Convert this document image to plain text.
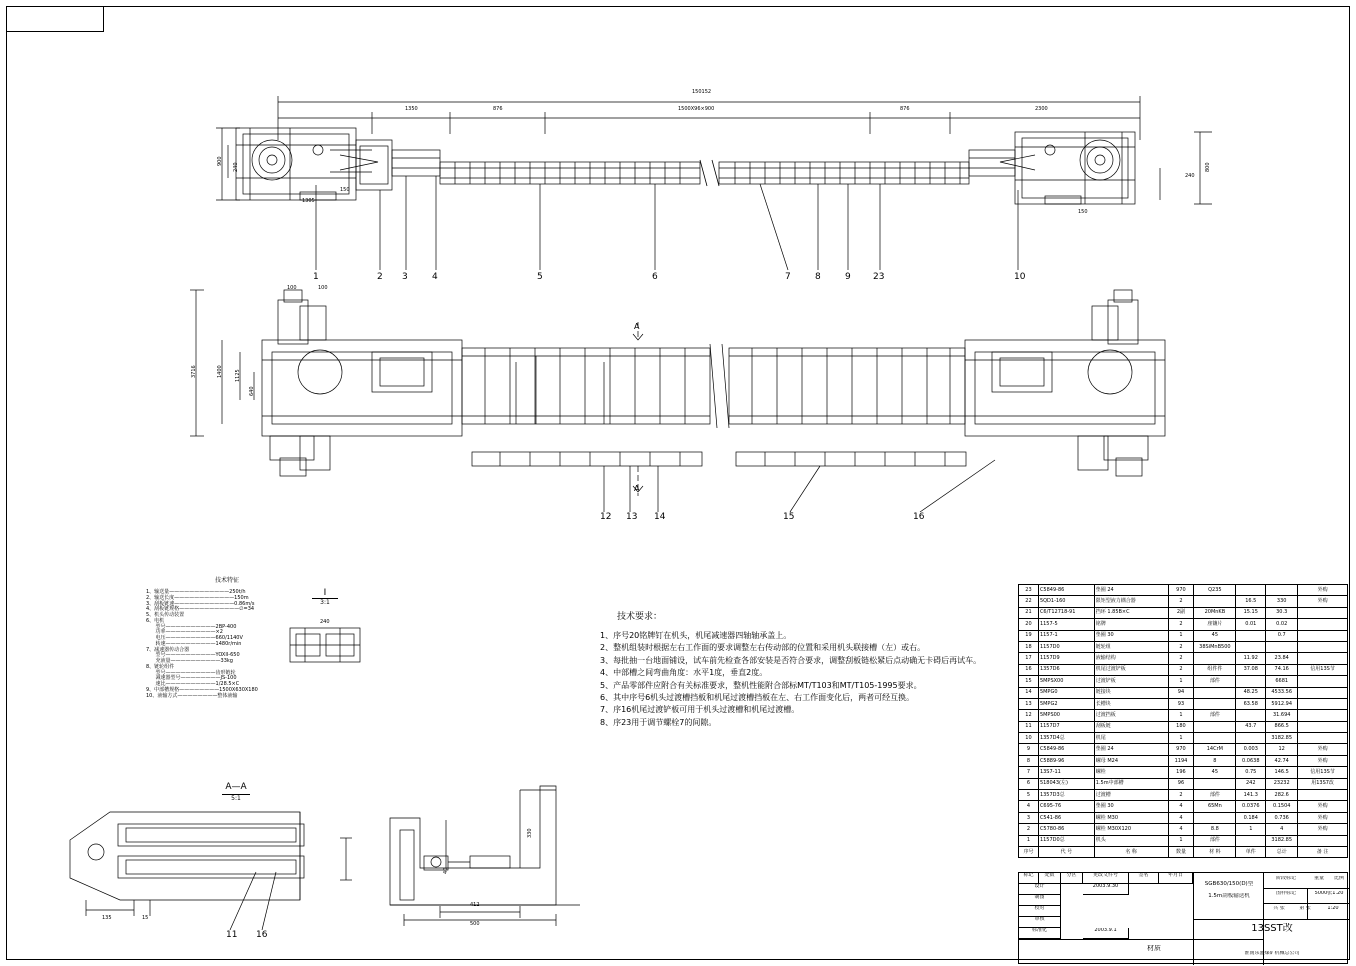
150152
1350	876	1500X96×900	876	2300
900
240
150
1305
800
240
150
1	2 3	4	5	6	7	8	9 23	10
3716	1400 1125
640
100	100
A
A
12 13 14	15	16
I
3:1
240
A—A
5:1
11 16
135	15
412
500
330
40
技术特征
1、输送量————————————250t/h
2、输送长度————————————150m
3、刮板链速————————————0.86m/s
4、刮板链规格————————————∅=34
5、机头传动装置
6、电机
型号——————————2BP-400
功率——————————×2
电压——————————660/1140V
转速——————————1480r/min
7、减速器传动合器
型号——————————YOXII-650
充液量——————————33kg
8、链轮组件
型号——————————齿形链轮
减速器型号————————JS-100
速比——————————1/28.5×C
9、中部槽规格————————1500X630X180
10、液输方式————————整体液输
技术要求：
1、序号20铭牌钉在机头，机尾减速器四轴轴承盖上。
2、整机组装时根据左右工作面的要求调整左右传动部的位置和采用机头联接槽（左）或右。
3、每批抽一台地面铺设，试车前先检查各部安装是否符合要求，调整刮板链松紧后点动确无卡碍后再试车。
4、中部槽之间弯曲角度：水平1度，垂直2度。
5、产品零部件应附合有关标准要求，整机性能附合部标MT/T103和MT/T105-1995要求。
6、其中序号6机头过渡槽挡板和机尾过渡槽挡板在左、右工作面变化后，两者可经互换。
7、序16机尾过渡铲板可用于机头过渡槽和机尾过渡槽。
8、序23用于调节螺栓7的间隙。
23	C5849-86	垫圈 24	970	Q235			外购
22	5QD1-160	限矩型液力耦合器	2		16.5	330	外购
21	C6/T12718-91	挡环 1.85B×C	2副	20MnKB	15.15	30.3	
20	1157-5	铭牌	2	座镶片	0.01	0.02	
19	1157-1	垫圈 30	1	45		0.7	
18	1157D0	链轮组	2	38SiMnB500			
17	1157D9	液输结构	2		11.92	23.84	
16	1357D6	机尾过渡铲板	2	组件件	37.08	74.16	信用13S节
15	5MPSX00	过渡铲板	1	部件		6681	
14	5MPG0	链接块	94		48.25	4533.56	
13	5MPG2	长槽块	93		63.58	5912.94	
12	5MPS00	过渡挡板	1	部件		31.694	
11	1157D7	刮板链	180		43.7	866.5	
10	1357D4总	机尾	1			3182.85	
9	C5849-86	垫圈 24	970	14CrM	0.003	12	外购
8	C5889-96	螺母 M24	1194	8	0.0638	42.74	外购
7	13S7-11	螺栓	196	45	0.75	146.5	信用13S节
6	518043(左)	1.5m中部槽	96		242	23232	用13S7改
5	1357D3总	过渡槽	2	部件	141.3	282.6	
4	C695-76	垫圈 30	4	65Mn	0.0376	0.1504	外购
3	C541-86	螺栓 M30	4		0.184	0.736	外购
2	C5780-86	螺栓 M30X120	4	8.8	1	4	外购
1	1157D0总	机头	1	部件		3182.85	
序号	代 号	名 称	数量	材 料	单件	总计	备 注
标记	处数	分区	更改文件号	签名	年月日
设计	2003.9.30
制图
校对
审核
标准化	2003.9.1
SGB630/150(D)型
1.5m刮板输送机
阶段标记	重量	比例
图样标记	5000张1.20
1:20
共 张	第 张
13SST改
淮南东盛煤矿机械总公司
材质
